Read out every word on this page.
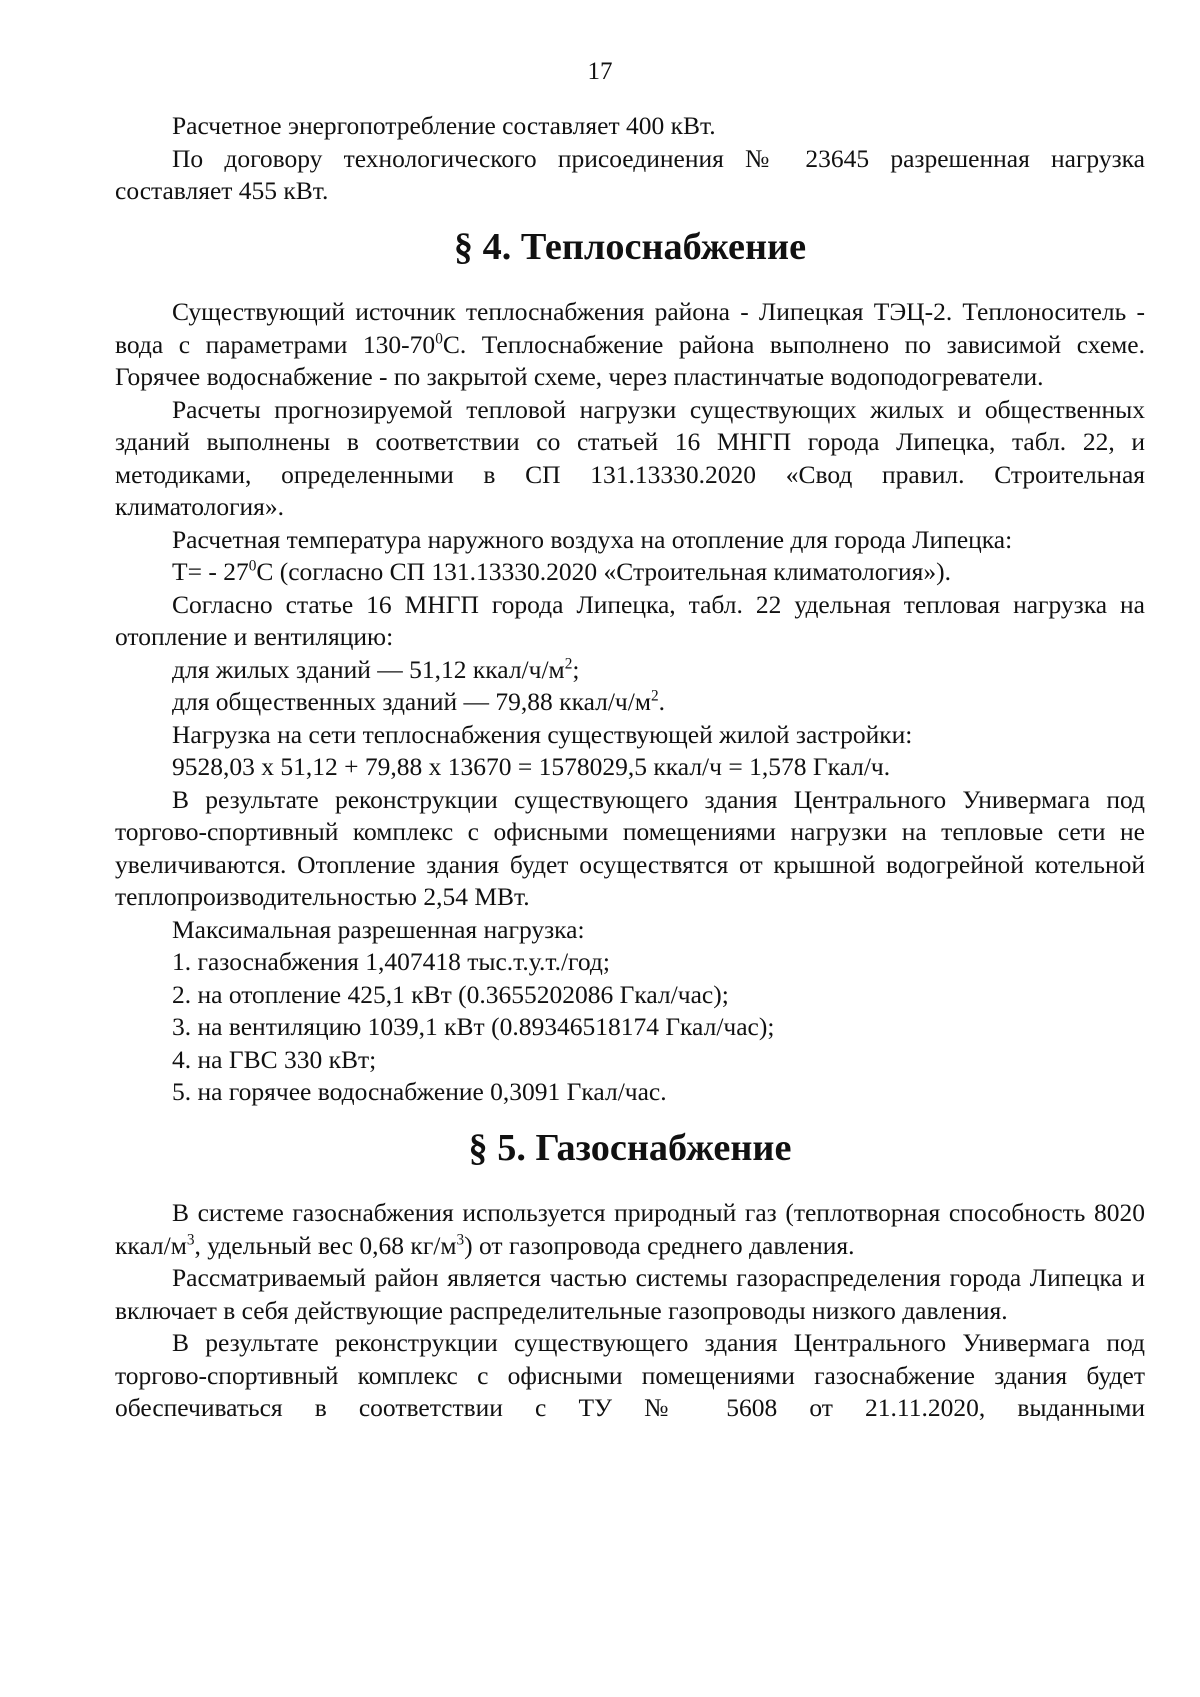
17

Расчетное энергопотребление составляет 400 кВт.

По договору технологического присоединения № 23645 разрешенная нагрузка составляет 455 кВт.

§ 4. Теплоснабжение

Существующий источник теплоснабжения района - Липецкая ТЭЦ-2. Теплоноситель - вода с параметрами $130-70^0С$. Теплоснабжение района выполнено по зависимой схеме. Горячее водоснабжение - по закрытой схеме, через пластинчатые водоподогреватели.

Расчеты прогнозируемой тепловой нагрузки существующих жилых и общественных зданий выполнены в соответствии со статьей 16 МНГП города Липецка, табл. 22, и методиками, определенными в СП 131.13330.2020 «Свод правил. Строительная климатология».

Расчетная температура наружного воздуха на отопление для города Липецка:

$Т= - 27^0С$ (согласно СП 131.13330.2020 «Строительная климатология»).

Согласно статье 16 МНГП города Липецка, табл. 22 удельная тепловая нагрузка на отопление и вентиляцию:

для жилых зданий — 51,12 ккал/$ч/м^2$;

для общественных зданий — 79,88 ккал/$ч/м^2$.

Нагрузка на сети теплоснабжения существующей жилой застройки:

9528,03 х 51,12 + 79,88 х 13670 = 1578029,5 ккал/ч = 1,578 Гкал/ч.

В результате реконструкции существующего здания Центрального Универмага под торгово-спортивный комплекс с офисными помещениями нагрузки на тепловые сети не увеличиваются. Отопление здания будет осуществятся от крышной водогрейной котельной теплопроизводительностью 2,54 МВт.

Максимальная разрешенная нагрузка:

1. газоснабжения 1,407418 тыс.т.у.т./год;

2. на отопление 425,1 кВт (0.3655202086 Гкал/час);

3. на вентиляцию 1039,1 кВт (0.89346518174 Гкал/час);

4. на ГВС 330 кВт;

5. на горячее водоснабжение 0,3091 Гкал/час.

§ 5. Газоснабжение

В системе газоснабжения используется природный газ (теплотворная способность 8020 ккал/$м^3$, удельный вес 0,68 $кг/м^3$) от газопровода среднего давления.

Рассматриваемый район является частью системы газораспределения города Липецка и включает в себя действующие распределительные газопроводы низкого давления.

В результате реконструкции существующего здания Центрального Универмага под торгово-спортивный комплекс с офисными помещениями газоснабжение здания будет обеспечиваться в соответствии с ТУ № 5608 от 21.11.2020, выданными
